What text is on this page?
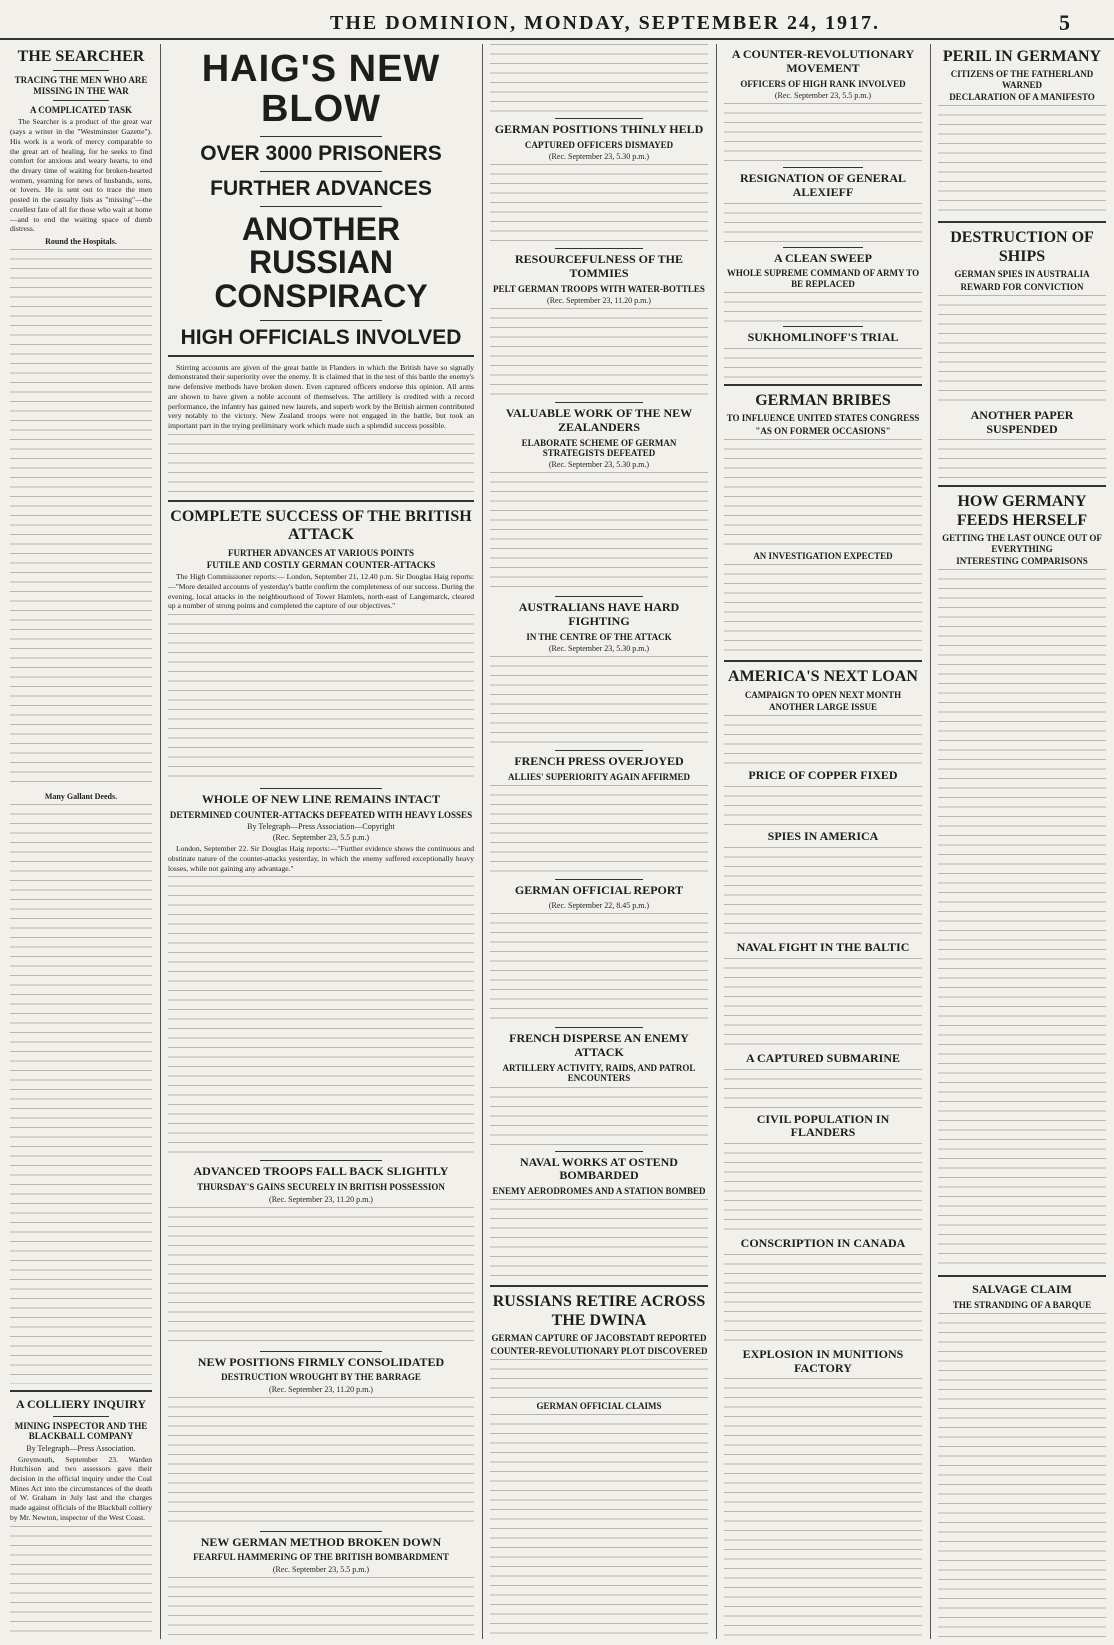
THE DOMINION, MONDAY, SEPTEMBER 24, 1917.	5
THE SEARCHER
TRACING THE MEN WHO ARE MISSING IN THE WAR
A COMPLICATED TASK
The Searcher is a product of the great war (says a writer in the "Westminster Gazette"). His work is a work of mercy comparable to the great art of healing, for he seeks to find comfort for anxious and weary hearts, to end the dreary time of waiting for broken-hearted women, yearning for news of husbands, sons, or lovers. He is sent out to trace the men posted in the casualty lists as "missing"—the cruellest fate of all for those who wait at home—and to end the waiting space of dumb distress.
Round the Hospitals.
Many Gallant Deeds.
A COLLIERY INQUIRY
MINING INSPECTOR AND THE BLACKBALL COMPANY
By Telegraph—Press Association.
Greymouth, September 23. Warden Hutchison and two assessors gave their decision in the official inquiry under the Coal Mines Act into the circumstances of the death of W. Graham in July last and the charges made against officials of the Blackball colliery by Mr. Newton, inspector of the West Coast.
HAIG'S NEW BLOW
OVER 3000 PRISONERS
FURTHER ADVANCES
ANOTHER RUSSIAN CONSPIRACY
HIGH OFFICIALS INVOLVED
Stirring accounts are given of the great battle in Flanders in which the British have so signally demonstrated their superiority over the enemy. It is claimed that in the test of this battle the enemy's new defensive methods have broken down. Even captured officers endorse this opinion. All arms are shown to have given a noble account of themselves. The artillery is credited with a record performance, the infantry has gained new laurels, and superb work by the British airmen contributed very notably to the victory. New Zealand troops were not engaged in the battle, but took an important part in the trying preliminary work which made such a splendid success possible.
COMPLETE SUCCESS OF THE BRITISH ATTACK
FURTHER ADVANCES AT VARIOUS POINTS
FUTILE AND COSTLY GERMAN COUNTER-ATTACKS
The High Commissioner reports:— London, September 21, 12.40 p.m. Sir Douglas Haig reports:—"More detailed accounts of yesterday's battle confirm the completeness of our success. During the evening, local attacks in the neighbourhood of Tower Hamlets, north-east of Langemarck, cleared up a number of strong points and completed the capture of our objectives."
WHOLE OF NEW LINE REMAINS INTACT
DETERMINED COUNTER-ATTACKS DEFEATED WITH HEAVY LOSSES
By Telegraph—Press Association—Copyright
(Rec. September 23, 5.5 p.m.)
London, September 22. Sir Douglas Haig reports:—"Further evidence shows the continuous and obstinate nature of the counter-attacks yesterday, in which the enemy suffered exceptionally heavy losses, while not gaining any advantage."
ADVANCED TROOPS FALL BACK SLIGHTLY
THURSDAY'S GAINS SECURELY IN BRITISH POSSESSION
(Rec. September 23, 11.20 p.m.)
NEW POSITIONS FIRMLY CONSOLIDATED
DESTRUCTION WROUGHT BY THE BARRAGE
(Rec. September 23, 11.20 p.m.)
NEW GERMAN METHOD BROKEN DOWN
FEARFUL HAMMERING OF THE BRITISH BOMBARDMENT
(Rec. September 23, 5.5 p.m.)
GERMAN POSITIONS THINLY HELD
CAPTURED OFFICERS DISMAYED
(Rec. September 23, 5.30 p.m.)
RESOURCEFULNESS OF THE TOMMIES
PELT GERMAN TROOPS WITH WATER-BOTTLES
(Rec. September 23, 11.20 p.m.)
VALUABLE WORK OF THE NEW ZEALANDERS
ELABORATE SCHEME OF GERMAN STRATEGISTS DEFEATED
(Rec. September 23, 5.30 p.m.)
AUSTRALIANS HAVE HARD FIGHTING
IN THE CENTRE OF THE ATTACK
(Rec. September 23, 5.30 p.m.)
FRENCH PRESS OVERJOYED
ALLIES' SUPERIORITY AGAIN AFFIRMED
GERMAN OFFICIAL REPORT
(Rec. September 22, 8.45 p.m.)
FRENCH DISPERSE AN ENEMY ATTACK
ARTILLERY ACTIVITY, RAIDS, AND PATROL ENCOUNTERS
NAVAL WORKS AT OSTEND BOMBARDED
ENEMY AERODROMES AND A STATION BOMBED
RUSSIANS RETIRE ACROSS THE DWINA
GERMAN CAPTURE OF JACOBSTADT REPORTED
COUNTER-REVOLUTIONARY PLOT DISCOVERED
GERMAN OFFICIAL CLAIMS
A COUNTER-REVOLUTIONARY MOVEMENT
OFFICERS OF HIGH RANK INVOLVED
(Rec. September 23, 5.5 p.m.)
RESIGNATION OF GENERAL ALEXIEFF
A CLEAN SWEEP
WHOLE SUPREME COMMAND OF ARMY TO BE REPLACED
SUKHOMLINOFF'S TRIAL
GERMAN BRIBES
TO INFLUENCE UNITED STATES CONGRESS
"AS ON FORMER OCCASIONS"
AN INVESTIGATION EXPECTED
AMERICA'S NEXT LOAN
CAMPAIGN TO OPEN NEXT MONTH
ANOTHER LARGE ISSUE
PRICE OF COPPER FIXED
SPIES IN AMERICA
NAVAL FIGHT IN THE BALTIC
A CAPTURED SUBMARINE
CIVIL POPULATION IN FLANDERS
CONSCRIPTION IN CANADA
EXPLOSION IN MUNITIONS FACTORY
PERIL IN GERMANY
CITIZENS OF THE FATHERLAND WARNED
DECLARATION OF A MANIFESTO
DESTRUCTION OF SHIPS
GERMAN SPIES IN AUSTRALIA
REWARD FOR CONVICTION
ANOTHER PAPER SUSPENDED
HOW GERMANY FEEDS HERSELF
GETTING THE LAST OUNCE OUT OF EVERYTHING
INTERESTING COMPARISONS
SALVAGE CLAIM
THE STRANDING OF A BARQUE
